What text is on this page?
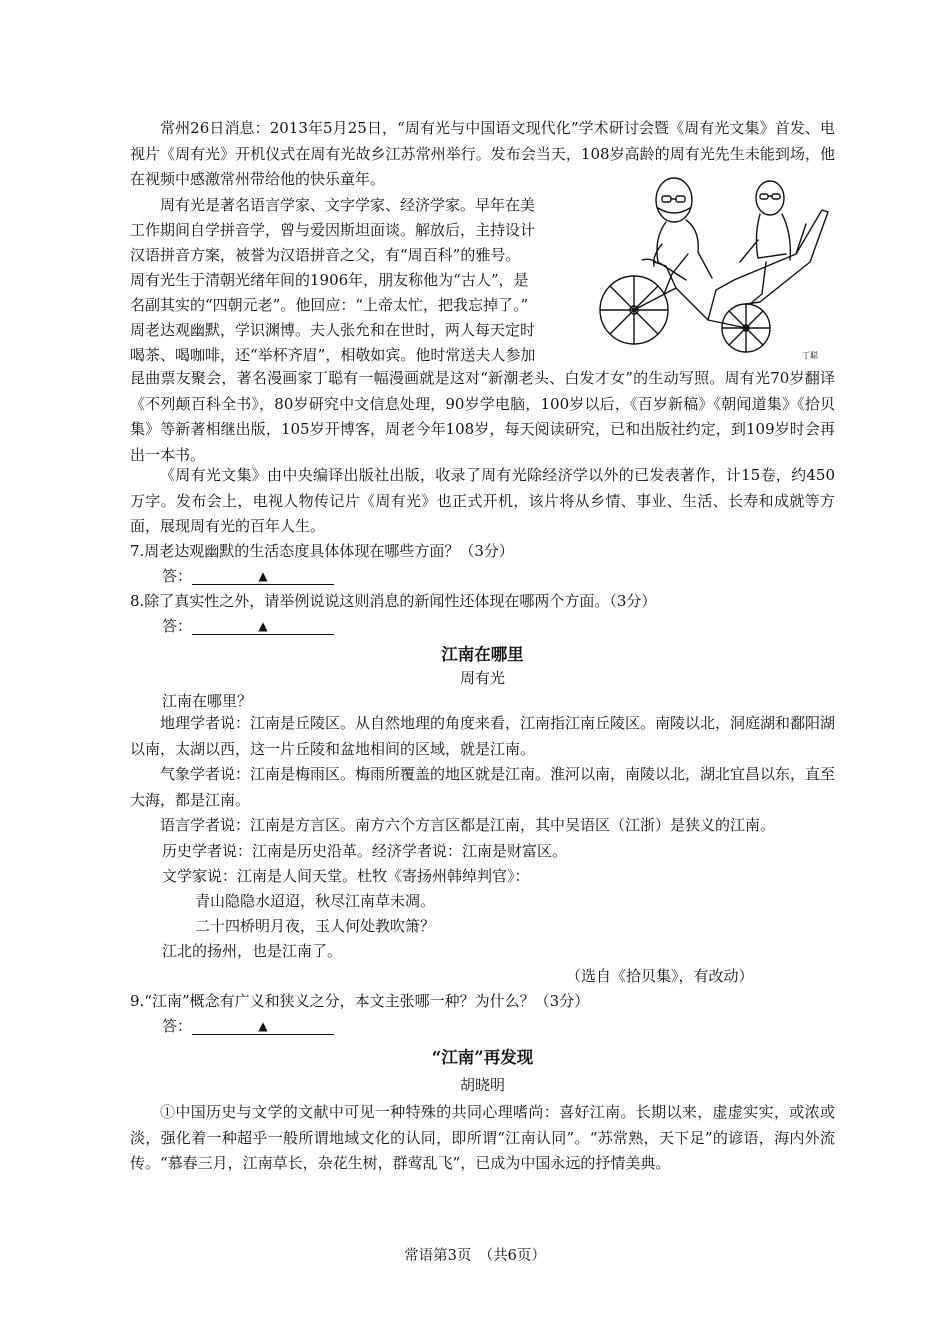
常州26日消息：2013年5月25日，“周有光与中国语文现代化”学术研讨会暨《周有光文集》首发、电视片《周有光》开机仪式在周有光故乡江苏常州举行。发布会当天，108岁高龄的周有光先生未能到场，他在视频中感激常州带给他的快乐童年。
周有光是著名语言学家、文字学家、经济学家。早年在美
工作期间自学拼音学，曾与爱因斯坦面谈。解放后，主持设计
汉语拼音方案，被誉为汉语拼音之父，有“周百科”的雅号。
周有光生于清朝光绪年间的1906年，朋友称他为“古人”，是
名副其实的“四朝元老”。他回应：“上帝太忙，把我忘掉了。”
周老达观幽默，学识渊博。夫人张允和在世时，两人每天定时
喝茶、喝咖啡，还“举杯齐眉”，相敬如宾。他时常送夫人参加
昆曲票友聚会，著名漫画家丁聪有一幅漫画就是这对“新潮老头、白发才女”的生动写照。周有光70岁翻译《不列颠百科全书》，80岁研究中文信息处理，90岁学电脑，100岁以后，《百岁新稿》《朝闻道集》《拾贝集》等新著相继出版，105岁开博客，周老今年108岁，每天阅读研究，已和出版社约定，到109岁时会再出一本书。
丁聪
《周有光文集》由中央编译出版社出版，收录了周有光除经济学以外的已发表著作，计15卷，约450万字。发布会上，电视人物传记片《周有光》也正式开机，该片将从乡情、事业、生活、长寿和成就等方面，展现周有光的百年人生。
7.周老达观幽默的生活态度具体体现在哪些方面？（3分）
答：	▲
8.除了真实性之外，请举例说说这则消息的新闻性还体现在哪两个方面。（3分）
答：	▲
江南在哪里
周有光
江南在哪里？
地理学者说：江南是丘陵区。从自然地理的角度来看，江南指江南丘陵区。南陵以北，洞庭湖和鄱阳湖以南，太湖以西，这一片丘陵和盆地相间的区域，就是江南。
气象学者说：江南是梅雨区。梅雨所覆盖的地区就是江南。淮河以南，南陵以北，湖北宜昌以东，直至大海，都是江南。
语言学者说：江南是方言区。南方六个方言区都是江南，其中吴语区（江浙）是狭义的江南。
历史学者说：江南是历史沿革。经济学者说：江南是财富区。
文学家说：江南是人间天堂。杜牧《寄扬州韩绰判官》：
青山隐隐水迢迢，秋尽江南草未凋。
二十四桥明月夜，玉人何处教吹箫？
江北的扬州，也是江南了。
（选自《拾贝集》，有改动）
9.“江南”概念有广义和狭义之分，本文主张哪一种？为什么？（3分）
答：	▲
“江南”再发现
胡晓明
①中国历史与文学的文献中可见一种特殊的共同心理嗜尚：喜好江南。长期以来，虚虚实实，或浓或淡，强化着一种超乎一般所谓地域文化的认同，即所谓“江南认同”。“苏常熟，天下足”的谚语，海内外流传。“慕春三月，江南草长，杂花生树，群莺乱飞”，已成为中国永远的抒情美典。
常语第3页　（共6页）
